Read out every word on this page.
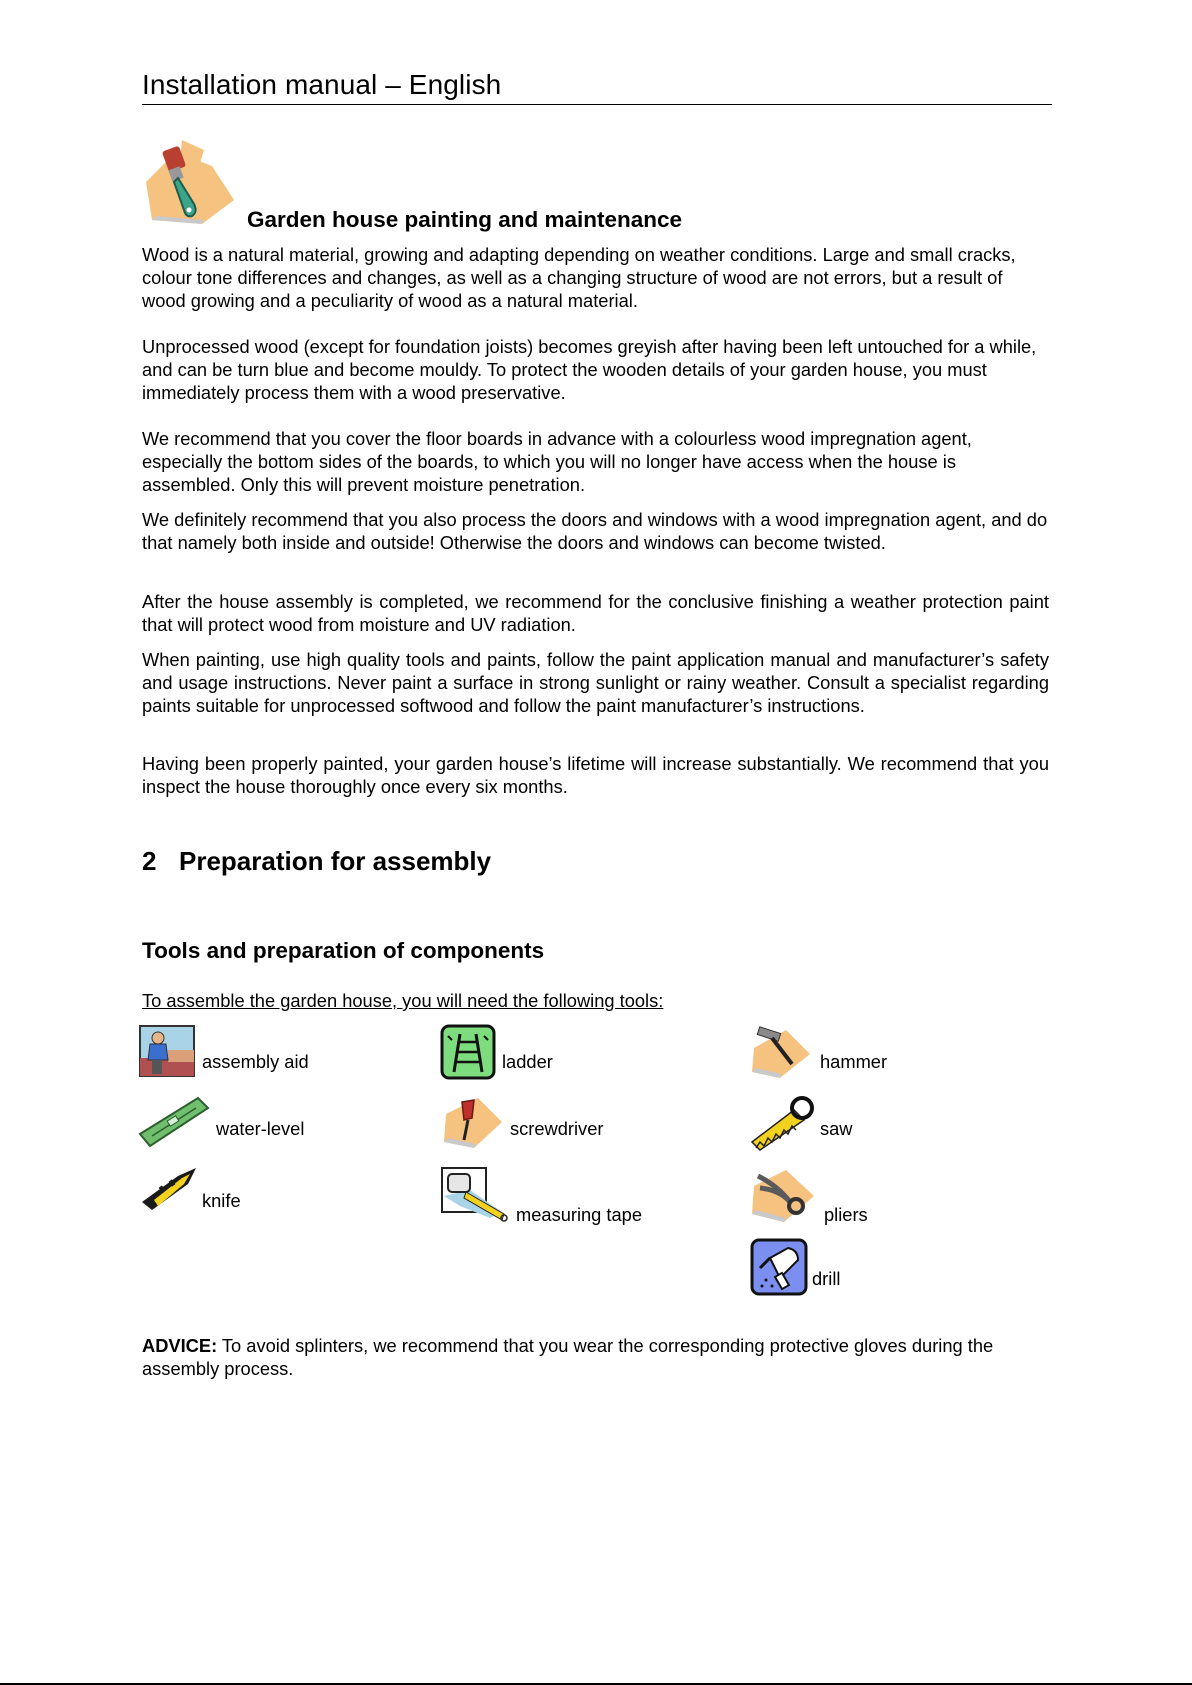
Installation manual – English
Garden house painting and maintenance

Wood is a natural material, growing and adapting depending on weather conditions. Large and small cracks, colour tone differences and changes, as well as a changing structure of wood are not errors, but a result of wood growing and a peculiarity of wood as a natural material.

Unprocessed wood (except for foundation joists) becomes greyish after having been left untouched for a while, and can be turn blue and become mouldy. To protect the wooden details of your garden house, you must immediately process them with a wood preservative.

We recommend that you cover the floor boards in advance with a colourless wood impregnation agent, especially the bottom sides of the boards, to which you will no longer have access when the house is assembled. Only this will prevent moisture penetration.

We definitely recommend that you also process the doors and windows with a wood impregnation agent, and do that namely both inside and outside! Otherwise the doors and windows can become twisted.

After the house assembly is completed, we recommend for the conclusive finishing a weather protection paint that will protect wood from moisture and UV radiation.

When painting, use high quality tools and paints, follow the paint application manual and manufacturer’s safety and usage instructions. Never paint a surface in strong sunlight or rainy weather. Consult a specialist regarding paints suitable for unprocessed softwood and follow the paint manufacturer’s instructions.

Having been properly painted, your garden house’s lifetime will increase substantially. We recommend that you inspect the house thoroughly once every six months.

2 Preparation for assembly
Tools and preparation of components
To assemble the garden house, you will need the following tools:
assembly aid
water-level
knife
ladder
screwdriver
measuring tape
hammer
saw
pliers
drill

ADVICE: To avoid splinters, we recommend that you wear the corresponding protective gloves during the assembly process.
